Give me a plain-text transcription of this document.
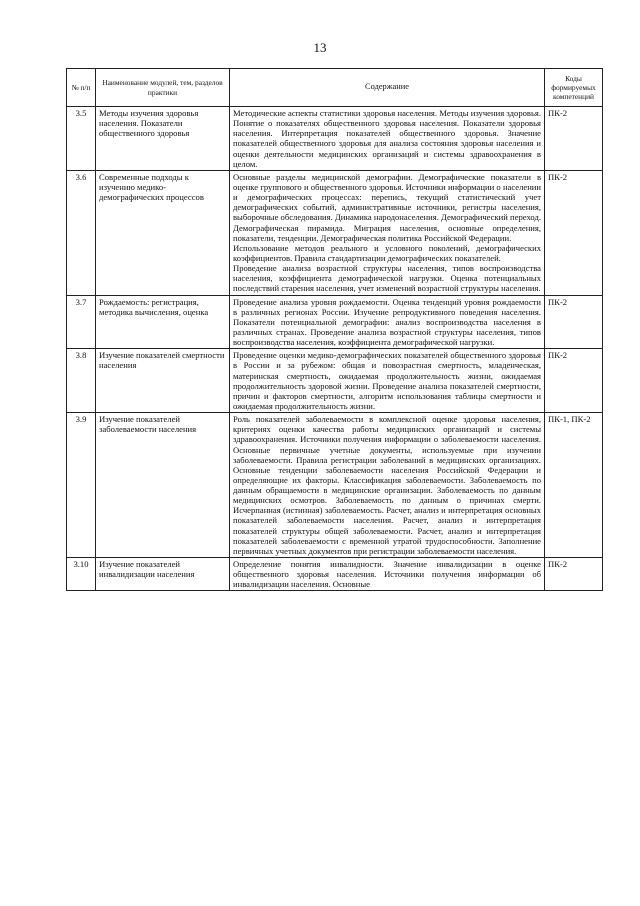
13
№ п/п	Наименование модулей, тем, разделов практики	Содержание	Коды формируемых компетенций
3.5	Методы изучения здоровья населения. Показатели общественного здоровья	Методические аспекты статистики здоровья населения. Методы изучения здоровья. Понятие о показателях общественного здоровья населения. Показатели здоровья населения. Интерпретация показателей общественного здоровья. Значение показателей общественного здоровья для анализа состояния здоровья населения и оценки деятельности медицинских организаций и системы здравоохранения в целом.	ПК-2
3.6	Современные подходы к изучению медико-демографических процессов	Основные разделы медицинской демографии. Демографические показатели в оценке группового и общественного здоровья. Источники информации о населении и демографических процессах: перепись, текущий статистический учет демографических событий, административные источники, регистры населения, выборочные обследования. Динамика народонаселения. Демографический переход. Демографическая пирамида. Миграция населения, основные определения, показатели, тенденции. Демографическая политика Российской Федерации.
Использование методов реального и условного поколений, демографических коэффициентов. Правила стандартизации демографических показателей.
Проведение анализа возрастной структуры населения, типов воспроизводства населения, коэффициента демографической нагрузки. Оценка потенциальных последствий старения населения, учет изменений возрастной структуры населения.	ПК-2
3.7	Рождаемость: регистрация, методика вычисления, оценка	Проведение анализа уровня рождаемости. Оценка тенденций уровня рождаемости в различных регионах России. Изучение репродуктивного поведения населения. Показатели потенциальной демографии: анализ воспроизводства населения в различных странах. Проведение анализа возрастной структуры населения, типов воспроизводства населения, коэффициента демографической нагрузки.	ПК-2
3.8	Изучение показателей смертности населения	Проведение оценки медико-демографических показателей общественного здоровья в России и за рубежом: общая и повозрастная смертность, младенческая, материнская смертность, ожидаемая продолжительность жизни, ожидаемая продолжительность здоровой жизни. Проведение анализа показателей смертности, причин и факторов смертности, алгоритм использования таблицы смертности и ожидаемая продолжительность жизни.	ПК-2
3.9	Изучение показателей заболеваемости населения	Роль показателей заболеваемости в комплексной оценке здоровья населения, критериях оценки качества работы медицинских организаций и системы здравоохранения. Источники получения информации о заболеваемости населения. Основные первичные учетные документы, используемые при изучении заболеваемости. Правила регистрации заболеваний в медицинских организациях. Основные тенденции заболеваемости населения Российской Федерации и определяющие их факторы. Классификация заболеваемости. Заболеваемость по данным обращаемости в медицинские организации. Заболеваемость по данным медицинских осмотров. Заболеваемость по данным о причинах смерти. Исчерпанная (истинная) заболеваемость. Расчет, анализ и интерпретация основных показателей заболеваемости населения. Расчет, анализ и интерпретация показателей структуры общей заболеваемости. Расчет, анализ и интерпретация показателей заболеваемости с временной утратой трудоспособности. Заполнение первичных учетных документов при регистрации заболеваемости населения.	ПК-1, ПК-2
3.10	Изучение показателей инвалидизации населения	Определение понятия инвалидности. Значение инвалидизации в оценке общественного здоровья населения. Источники получения информации об инвалидизации населения. Основные	ПК-2
